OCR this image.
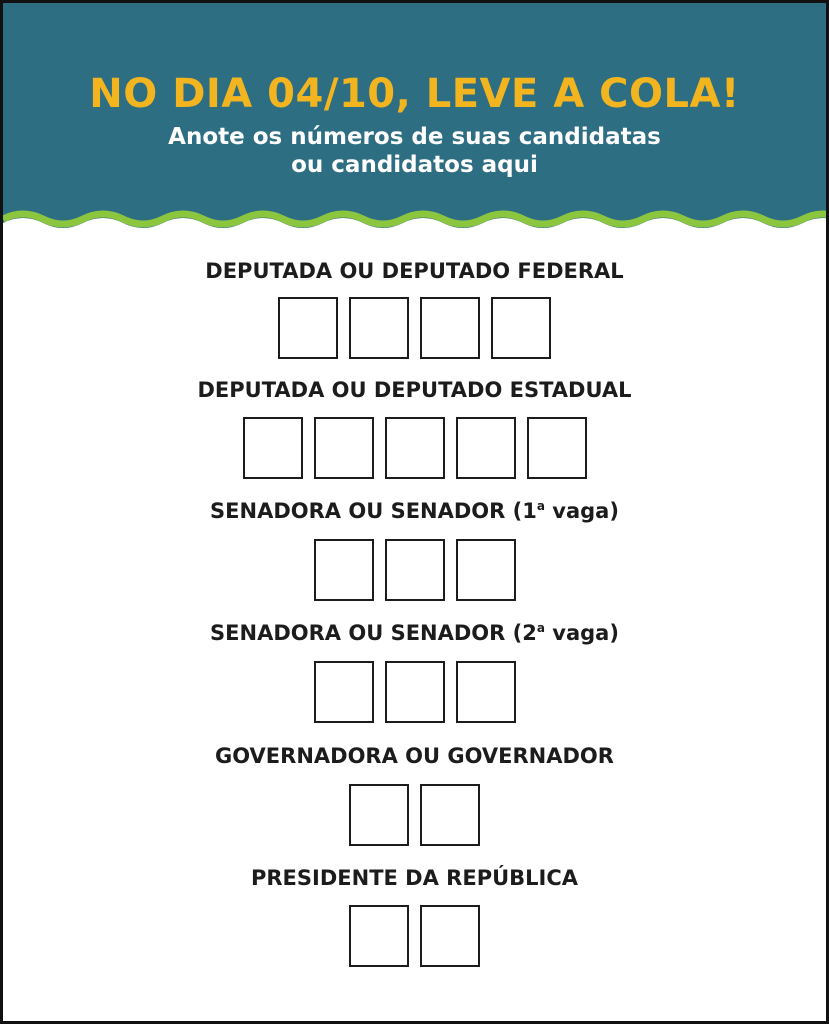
NO DIA 04/10, LEVE A COLA!
Anote os números de suas candidatas
ou candidatos aqui
DEPUTADA OU DEPUTADO FEDERAL
DEPUTADA OU DEPUTADO ESTADUAL
SENADORA OU SENADOR (1$^a$ vaga)
SENADORA OU SENADOR (2$^a$ vaga)
GOVERNADORA OU GOVERNADOR
PRESIDENTE DA REPÚBLICA
